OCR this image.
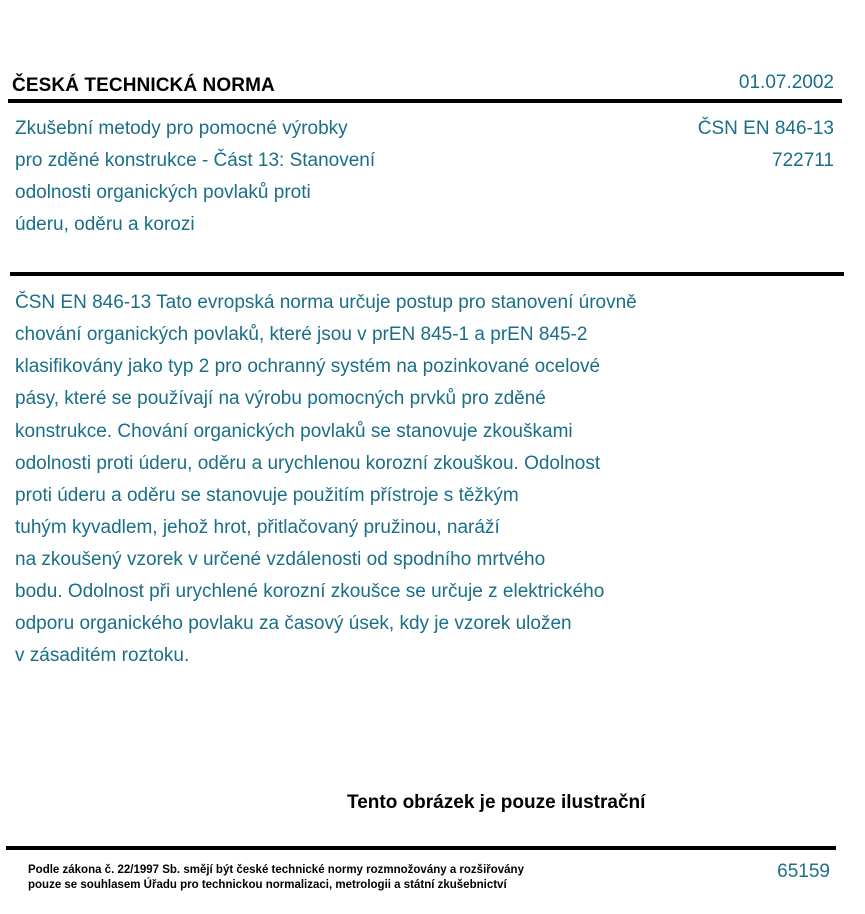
ČESKÁ TECHNICKÁ NORMA	01.07.2002
Zkušební metody pro pomocné výrobky
pro zděné konstrukce - Část 13: Stanovení
odolnosti organických povlaků proti
úderu, oděru a korozi
ČSN EN 846-13
722711
ČSN EN 846-13 Tato evropská norma určuje postup pro stanovení úrovně
chování organických povlaků, které jsou v prEN 845-1 a prEN 845-2
klasifikovány jako typ 2 pro ochranný systém na pozinkované ocelové
pásy, které se používají na výrobu pomocných prvků pro zděné
konstrukce. Chování organických povlaků se stanovuje zkouškami
odolnosti proti úderu, oděru a urychlenou korozní zkouškou. Odolnost
proti úderu a oděru se stanovuje použitím přístroje s těžkým
tuhým kyvadlem, jehož hrot, přitlačovaný pružinou, naráží
na zkoušený vzorek v určené vzdálenosti od spodního mrtvého
bodu. Odolnost při urychlené korozní zkoušce se určuje z elektrického
odporu organického povlaku za časový úsek, kdy je vzorek uložen
v zásaditém roztoku.
Tento obrázek je pouze ilustrační
Podle zákona č. 22/1997 Sb. smějí být české technické normy rozmnožovány a rozšiřovány
pouze se souhlasem Úřadu pro technickou normalizaci, metrologii a státní zkušebnictví
65159
